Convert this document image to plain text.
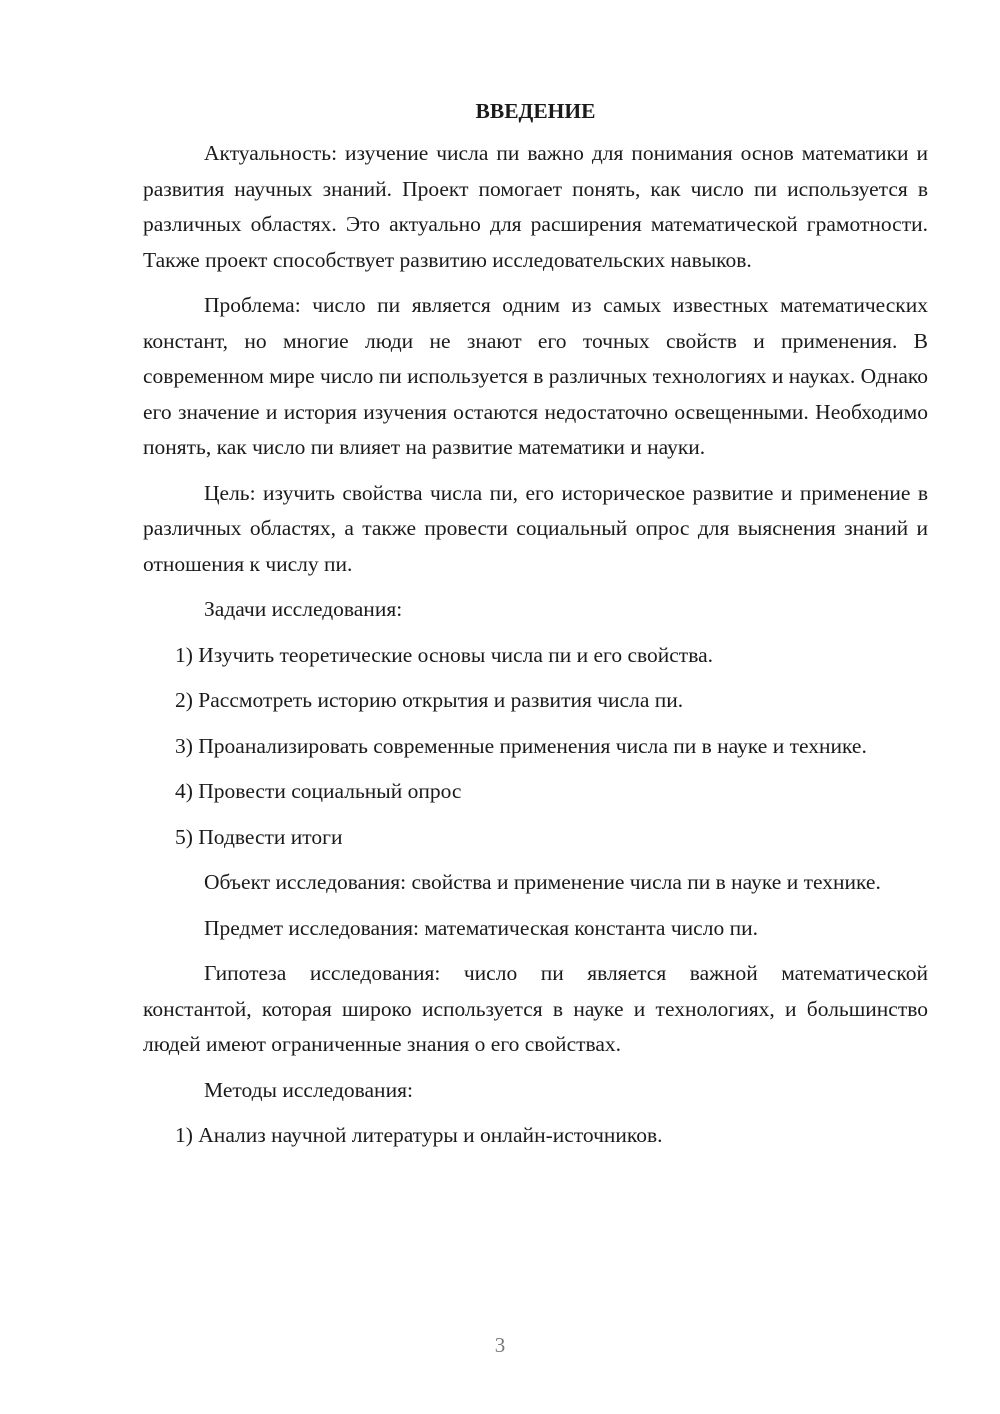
ВВЕДЕНИЕ

Актуальность: изучение числа пи важно для понимания основ математики и развития научных знаний. Проект помогает понять, как число пи используется в различных областях. Это актуально для расширения математической грамотности. Также проект способствует развитию исследовательских навыков.

Проблема: число пи является одним из самых известных математических констант, но многие люди не знают его точных свойств и применения. В современном мире число пи используется в различных технологиях и науках. Однако его значение и история изучения остаются недостаточно освещенными. Необходимо понять, как число пи влияет на развитие математики и науки.

Цель: изучить свойства числа пи, его историческое развитие и применение в различных областях, а также провести социальный опрос для выяснения знаний и отношения к числу пи.

Задачи исследования:

1) Изучить теоретические основы числа пи и его свойства.

2) Рассмотреть историю открытия и развития числа пи.

3) Проанализировать современные применения числа пи в науке и технике.

4) Провести социальный опрос

5) Подвести итоги

Объект исследования: свойства и применение числа пи в науке и технике.

Предмет исследования: математическая константа число пи.

Гипотеза исследования: число пи является важной математической константой, которая широко используется в науке и технологиях, и большинство людей имеют ограниченные знания о его свойствах.

Методы исследования:

1) Анализ научной литературы и онлайн-источников.

3
